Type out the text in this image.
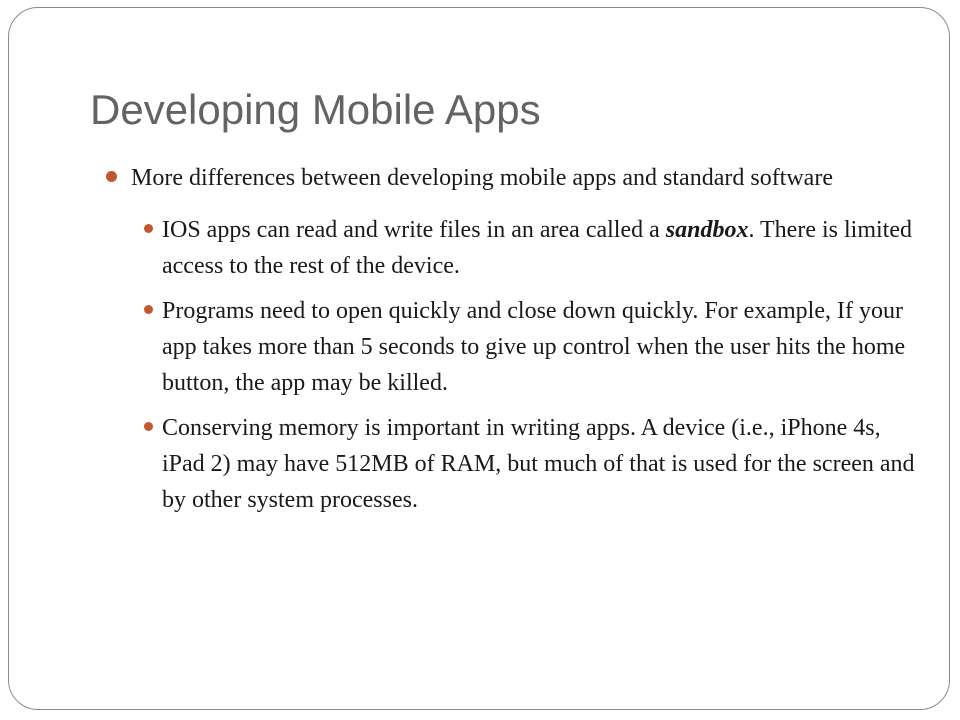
Developing Mobile Apps
More differences between developing mobile apps and standard software
IOS apps can read and write files in an area called a sandbox. There is limited access to the rest of the device.
Programs need to open quickly and close down quickly. For example, If your app takes more than 5 seconds to give up control when the user hits the home button, the app may be killed.
Conserving memory is important in writing apps. A device (i.e., iPhone 4s, iPad 2) may have 512MB of RAM, but much of that is used for the screen and by other system processes.
